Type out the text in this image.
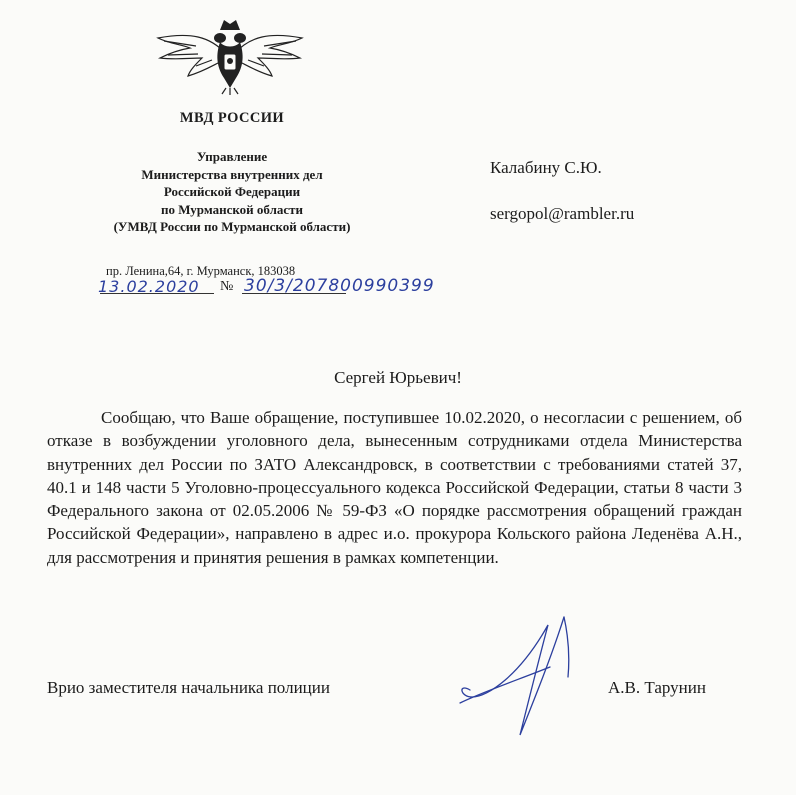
МВД РОССИИ
Управление
Министерства внутренних дел
Российской Федерации
по Мурманской области
(УМВД России по Мурманской области)
пр. Ленина,64, г. Мурманск, 183038
13.02.2020 № 30/3/207800990399
Калабину С.Ю.
sergopol@rambler.ru
Сергей Юрьевич!

Сообщаю, что Ваше обращение, поступившее 10.02.2020, о несогласии с решением, об отказе в возбуждении уголовного дела, вынесенным сотрудниками отдела Министерства внутренних дел России по ЗАТО Александровск, в соответствии с требованиями статей 37, 40.1 и 148 части 5 Уголовно-процессуального кодекса Российской Федерации, статьи 8 части 3 Федерального закона от 02.05.2006 № 59-ФЗ «О порядке рассмотрения обращений граждан Российской Федерации», направлено в адрес и.о. прокурора Кольского района Леденёва А.Н., для рассмотрения и принятия решения в рамках компетенции.

Врио заместителя начальника полиции	А.В. Тарунин
